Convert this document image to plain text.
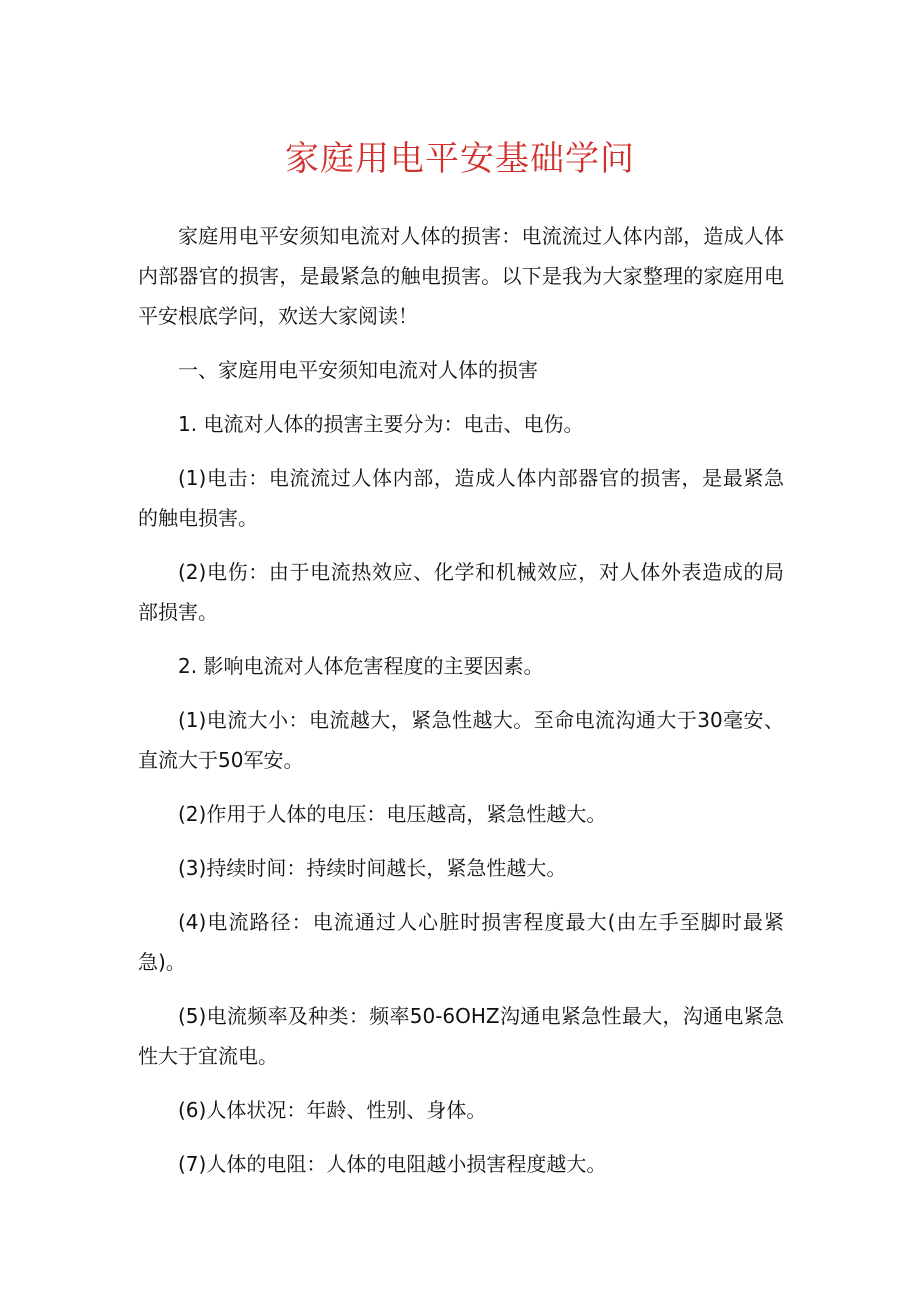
家庭用电平安基础学问

家庭用电平安须知电流对人体的损害：电流流过人体内部，造成人体内部器官的损害，是最紧急的触电损害。以下是我为大家整理的家庭用电平安根底学问，欢送大家阅读！

一、家庭用电平安须知电流对人体的损害

1. 电流对人体的损害主要分为：电击、电伤。

(1)电击：电流流过人体内部，造成人体内部器官的损害，是最紧急的触电损害。

(2)电伤：由于电流热效应、化学和机械效应，对人体外表造成的局部损害。

2. 影响电流对人体危害程度的主要因素。

(1)电流大小：电流越大，紧急性越大。至命电流沟通大于30毫安、直流大于50军安。

(2)作用于人体的电压：电压越高，紧急性越大。

(3)持续时间：持续时间越长，紧急性越大。

(4)电流路径：电流通过人心脏时损害程度最大(由左手至脚时最紧急)。

(5)电流频率及种类：频率50-6OHZ沟通电紧急性最大，沟通电紧急性大于宜流电。

(6)人体状况：年龄、性别、身体。

(7)人体的电阻：人体的电阻越小损害程度越大。
